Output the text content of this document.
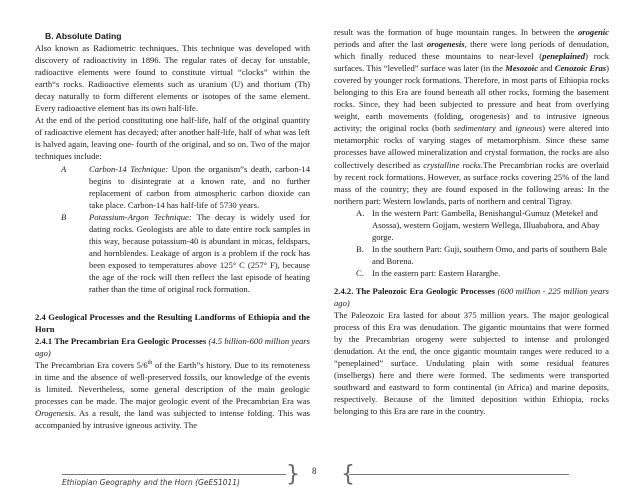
B. Absolute Dating

Also known as Radiometric techniques. This technique was developed with discovery of radioactivity in 1896. The regular rates of decay for unstable, radioactive elements were found to constitute virtual “clocks” within the earth“s rocks. Radioactive elements such as uranium (U) and thorium (Th) decay naturally to form different elements or isotopes of the same element. Every radioactive element has its own half-life.

At the end of the period constituting one half-life, half of the original quantity of radioactive element has decayed; after another half-life, half of what was left is halved again, leaving one- fourth of the original, and so on. Two of the major techniques include:

A	Carbon-14 Technique: Upon the organism”s death, carbon-14 begins to disintegrate at a known rate, and no further replacement of carbon from atmospheric carbon dioxide can take place. Carbon-14 has half-life of 5730 years.
B	Potassium-Argon Technique: The decay is widely used for dating rocks. Geologists are able to date entire rock samples in this way, because potassium-40 is abundant in micas, feldspars, and hornblendes. Leakage of argon is a problem if the rock has been exposed to temperatures above 125° C (257° F), because the age of the rock will then reflect the last episode of heating rather than the time of original rock formation.

2.4 Geological Processes and the Resulting Landforms of Ethiopia and the Horn

2.4.1 The Precambrian Era Geologic Processes (4.5 billion-600 million years ago)

The Precambrian Era covers 5/6th of the Earth”s history. Due to its remoteness in time and the absence of well-preserved fossils, our knowledge of the events is limited. Nevertheless, some general description of the main geologic processes can be made. The major geologic event of the Precambrian Era was Orogenesis. As a result, the land was subjected to intense folding. This was accompanied by intrusive igneous activity. The

result was the formation of huge mountain ranges. In between the orogenic periods and after the last orogenesis, there were long periods of denudation, which finally reduced these mountains to near-level (peneplained) rock surfaces. This “levelled” surface was later (in the Mesozoic and Cenozoic Eras) covered by younger rock formations. Therefore, in most parts of Ethiopia rocks belonging to this Era are found beneath all other rocks, forming the basement rocks. Since, they had been subjected to pressure and heat from overlying weight, earth movements (folding, orogenesis) and to intrusive igneous activity; the original rocks (both sedimentary and igneous) were altered into metamorphic rocks of varying stages of metamorphism. Since these same processes have allowed mineralization and crystal formation, the rocks are also collectively described as crystalline rocks.The Precambrian rocks are overlaid by recent rock formations. However, as surface rocks covering 25% of the land mass of the country; they are found exposed in the following areas: In the northern part: Western lowlands, parts of northern and central Tigray.

A. In the western Part: Gambella, Benishangul-Gumuz (Metekel and Asossa), western Gojjam, western Wellega, Illuababora, and Abay gorge.
B. In the southern Part: Guji, southern Omo, and parts of southern Bale and Borena.
C. In the eastern part: Eastern Hararghe.

2.4.2. The Paleozoic Era Geologic Processes (600 million - 225 million years ago)

The Paleozoic Era lasted for about 375 million years. The major geological process of this Era was denudation. The gigantic mountains that were formed by the Precambrian orogeny were subjected to intense and prolonged denudation. At the end, the once gigantic mountain ranges were reduced to a “peneplained” surface. Undulating plain with some residual features (inselbergs) here and there were formed. The sediments were transported southward and eastward to form continental (in Africa) and marine deposits, respectively. Because of the limited deposition within Ethiopia, rocks belonging to this Era are rare in the country.

} {
Ethiopian Geography and the Horn (GeES1011)
8
